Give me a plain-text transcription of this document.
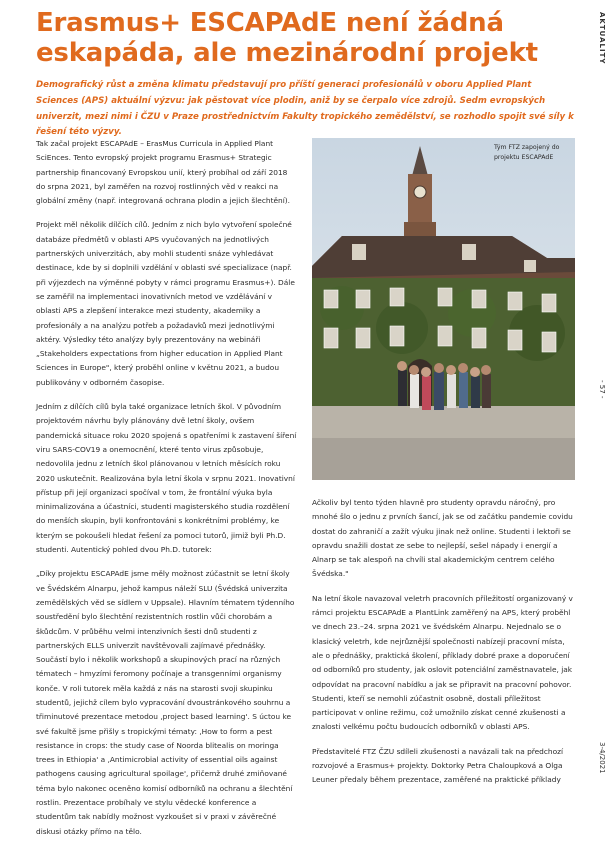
Erasmus+ ESCAPAdE není žádná eskapáda, ale mezinárodní projekt

Demografický růst a změna klimatu představují pro příští generaci profesionálů v oboru Applied Plant Sciences (APS) aktuální výzvu: jak pěstovat více plodin, aniž by se čerpalo více zdrojů. Sedm evropských univerzit, mezi nimi i ČZU v Praze prostřednictvím Fakulty tropického zemědělství, se rozhodlo spojit své síly k řešení této výzvy.

AKTUALITY
- 57 -
3-4/2021

Tak začal projekt ESCAPAdE – ErasMus Curricula in Applied Plant SciEnces. Tento evropský projekt programu Erasmus+ Strategic partnership financovaný Evropskou unií, který probíhal od září 2018 do srpna 2021, byl zaměřen na rozvoj rostlinných věd v reakci na globální změny (např. integrovaná ochrana plodin a jejich šlechtění).

Projekt měl několik dílčích cílů. Jedním z nich bylo vytvoření společné databáze předmětů v oblasti APS vyučovaných na jednotlivých partnerských univerzitách, aby mohli studenti snáze vyhledávat destinace, kde by si doplnili vzdělání v oblasti své specializace (např. při výjezdech na výměnné pobyty v rámci programu Erasmus+). Dále se zaměřil na implementaci inovativních metod ve vzdělávání v oblasti APS a zlepšení interakce mezi studenty, akademiky a profesionály a na analýzu potřeb a požadavků mezi jednotlivými aktéry. Výsledky této analýzy byly prezentovány na webináři „Stakeholders expectations from higher education in Applied Plant Sciences in Europe", který proběhl online v květnu 2021, a budou publikovány v odborném časopise.

Jedním z dílčích cílů byla také organizace letních škol. V původním projektovém návrhu byly plánovány dvě letní školy, ovšem pandemická situace roku 2020 spojená s opatřeními k zastavení šíření viru SARS-COV19 a onemocnění, které tento virus způsobuje, nedovolila jednu z letních škol plánovanou v letních měsících roku 2020 uskutečnit. Realizována byla letní škola v srpnu 2021. Inovativní přístup při její organizaci spočíval v tom, že frontální výuka byla minimalizována a účastníci, studenti magisterského studia rozdělení do menších skupin, byli konfrontováni s konkrétními problémy, ke kterým se pokoušeli hledat řešení za pomoci tutorů, jimiž byli Ph.D. studenti. Autentický pohled dvou Ph.D. tutorek:

„Díky projektu ESCAPAdE jsme měly možnost zúčastnit se letní školy ve Švédském Alnarpu, jehož kampus náleží SLU (Švédská univerzita zemědělských věd se sídlem v Uppsale). Hlavním tématem týdenního soustředění bylo šlechtění rezistentních rostlin vůči chorobám a škůdcům. V průběhu velmi intenzivních šesti dnů studenti z partnerských ELLS univerzit navštěvovali zajímavé přednášky. Součástí bylo i několik workshopů a skupinových prací na různých tématech – hmyzími feromony počínaje a transgenními organismy konče. V roli tutorek měla každá z nás na starosti svoji skupinku studentů, jejichž cílem bylo vypracování dvoustránkového souhrnu a třiminutové prezentace metodou ‚project based learning'. S úctou ke své fakultě jsme přišly s tropickými tématy: ‚How to form a pest resistance in crops: the study case of Noorda blitealis on moringa trees in Ethiopia' a ‚Antimicrobial activity of essential oils against pathogens causing agricultural spoilage', přičemž druhé zmiňované téma bylo nakonec oceněno komisí odborníků na ochranu a šlechtění rostlin. Prezentace probíhaly ve stylu vědecké konference a studentům tak nabídly možnost vyzkoušet si v praxi v závěrečné diskusi otázky přímo na tělo.

Tým FTZ zapojený do projektu ESCAPAdE

Ačkoliv byl tento týden hlavně pro studenty opravdu náročný, pro mnohé šlo o jednu z prvních šancí, jak se od začátku pandemie covidu dostat do zahraničí a zažít výuku jinak než online. Studenti i lektoři se opravdu snažili dostat ze sebe to nejlepší, sešel nápady i energií a Alnarp se tak alespoň na chvíli stal akademickým centrem celého Švédska."

Na letní škole navazoval veletrh pracovních příležitostí organizovaný v rámci projektu ESCAPAdE a PlantLink zaměřený na APS, který proběhl ve dnech 23.–24. srpna 2021 ve švédském Alnarpu. Nejednalo se o klasický veletrh, kde nejrůznější společnosti nabízejí pracovní místa, ale o přednášky, praktická školení, příklady dobré praxe a doporučení od odborníků pro studenty, jak oslovit potenciální zaměstnavatele, jak odpovídat na pracovní nabídku a jak se připravit na pracovní pohovor. Studenti, kteří se nemohli zúčastnit osobně, dostali příležitost participovat v online režimu, což umožnilo získat cenné zkušenosti a znalosti velkému počtu budoucích odborníků v oblasti APS.

Představitelé FTZ ČZU sdíleli zkušenosti a navázali tak na předchozí rozvojové a Erasmus+ projekty. Doktorky Petra Chaloupková a Olga Leuner předaly během prezentace, zaměřené na praktické příklady
